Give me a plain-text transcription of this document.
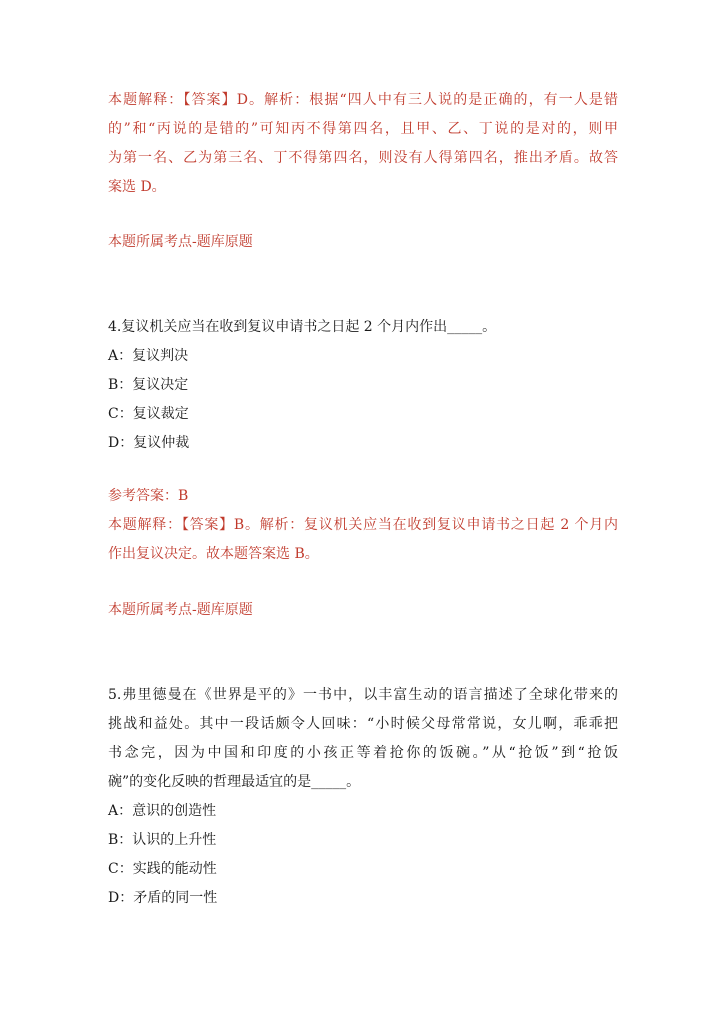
本题解释：【答案】D。解析：根据“四人中有三人说的是正确的，有一人是错
的”和“丙说的是错的”可知丙不得第四名，且甲、乙、丁说的是对的，则甲
为第一名、乙为第三名、丁不得第四名，则没有人得第四名，推出矛盾。故答
案选 D。
本题所属考点-题库原题
4.复议机关应当在收到复议申请书之日起 2 个月内作出_____。
A：复议判决
B：复议决定
C：复议裁定
D：复议仲裁
参考答案：B
本题解释：【答案】B。解析：复议机关应当在收到复议申请书之日起 2 个月内
作出复议决定。故本题答案选 B。
本题所属考点-题库原题
5.弗里德曼在《世界是平的》一书中，以丰富生动的语言描述了全球化带来的
挑战和益处。其中一段话颇令人回味：“小时候父母常常说，女儿啊，乖乖把
书念完，因为中国和印度的小孩正等着抢你的饭碗。”从“抢饭”到“抢饭
碗”的变化反映的哲理最适宜的是_____。
A：意识的创造性
B：认识的上升性
C：实践的能动性
D：矛盾的同一性
